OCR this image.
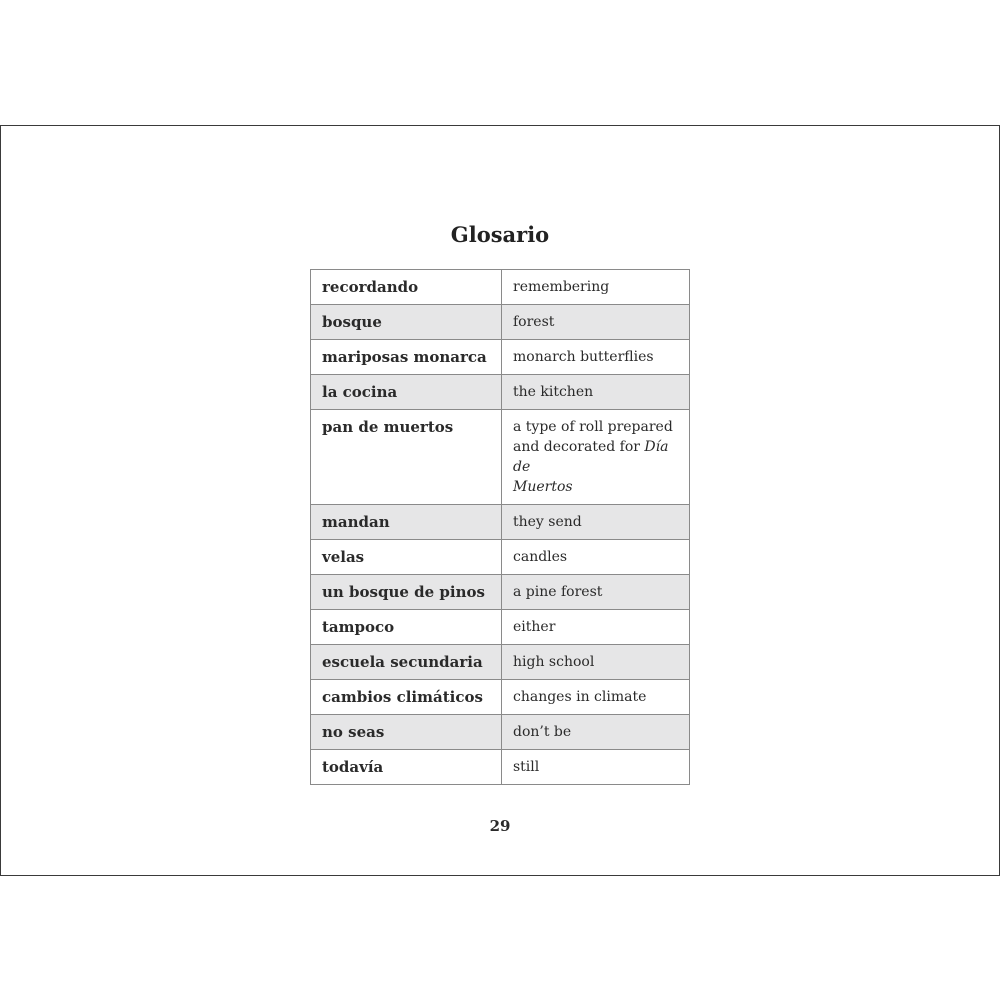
Glosario
recordando	remembering
bosque	forest
mariposas monarca	monarch butterflies
la cocina	the kitchen
pan de muertos	a type of roll prepared
and decorated for Día de
Muertos
mandan	they send
velas	candles
un bosque de pinos	a pine forest
tampoco	either
escuela secundaria	high school
cambios climáticos	changes in climate
no seas	don’t be
todavía	still
29
